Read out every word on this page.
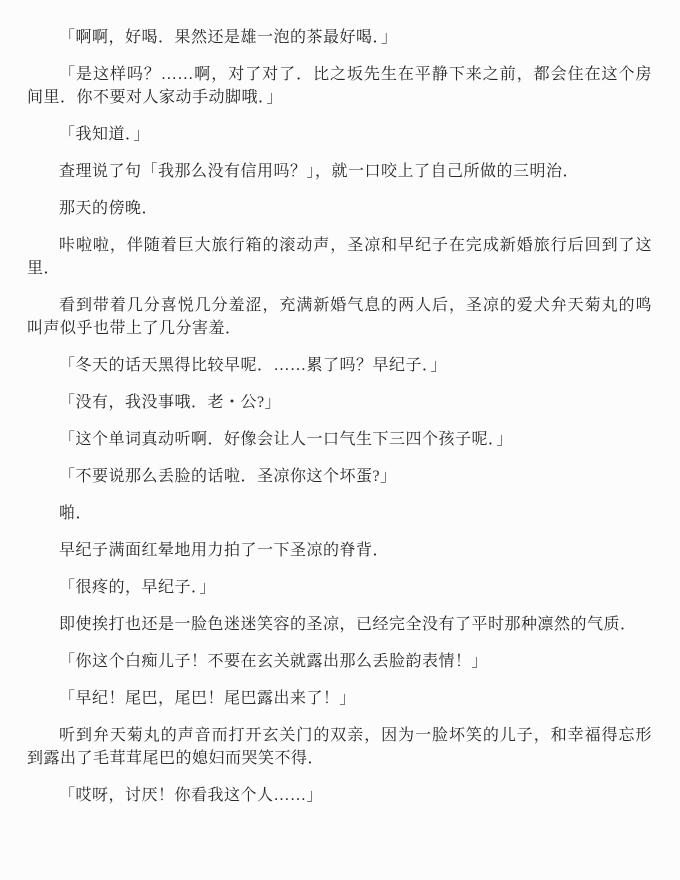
「啊啊，好喝．果然还是雄一泡的茶最好喝．」

「是这样吗？……啊，对了对了．比之坂先生在平静下来之前，都会住在这个房间里．你不要对人家动手动脚哦．」

「我知道．」

查理说了句「我那么没有信用吗？」，就一口咬上了自己所做的三明治．

那天的傍晚．

咔啦啦，伴随着巨大旅行箱的滚动声，圣凉和早纪子在完成新婚旅行后回到了这里．

看到带着几分喜悦几分羞涩，充满新婚气息的两人后，圣凉的爱犬弁天菊丸的鸣叫声似乎也带上了几分害羞．

「冬天的话天黑得比较早呢．……累了吗？早纪子．」

「没有，我没事哦．老・公?」

「这个单词真动听啊．好像会让人一口气生下三四个孩子呢．」

「不要说那么丢脸的话啦．圣凉你这个坏蛋?」

啪．

早纪子满面红晕地用力拍了一下圣凉的脊背．

「很疼的，早纪子．」

即使挨打也还是一脸色迷迷笑容的圣凉，已经完全没有了平时那种凛然的气质．

「你这个白痴儿子！不要在玄关就露出那么丢脸韵表情！」

「早纪！尾巴，尾巴！尾巴露出来了！」

听到弁天菊丸的声音而打开玄关门的双亲，因为一脸坏笑的儿子，和幸福得忘形到露出了毛茸茸尾巴的媳妇而哭笑不得．

「哎呀，讨厌！你看我这个人……」
